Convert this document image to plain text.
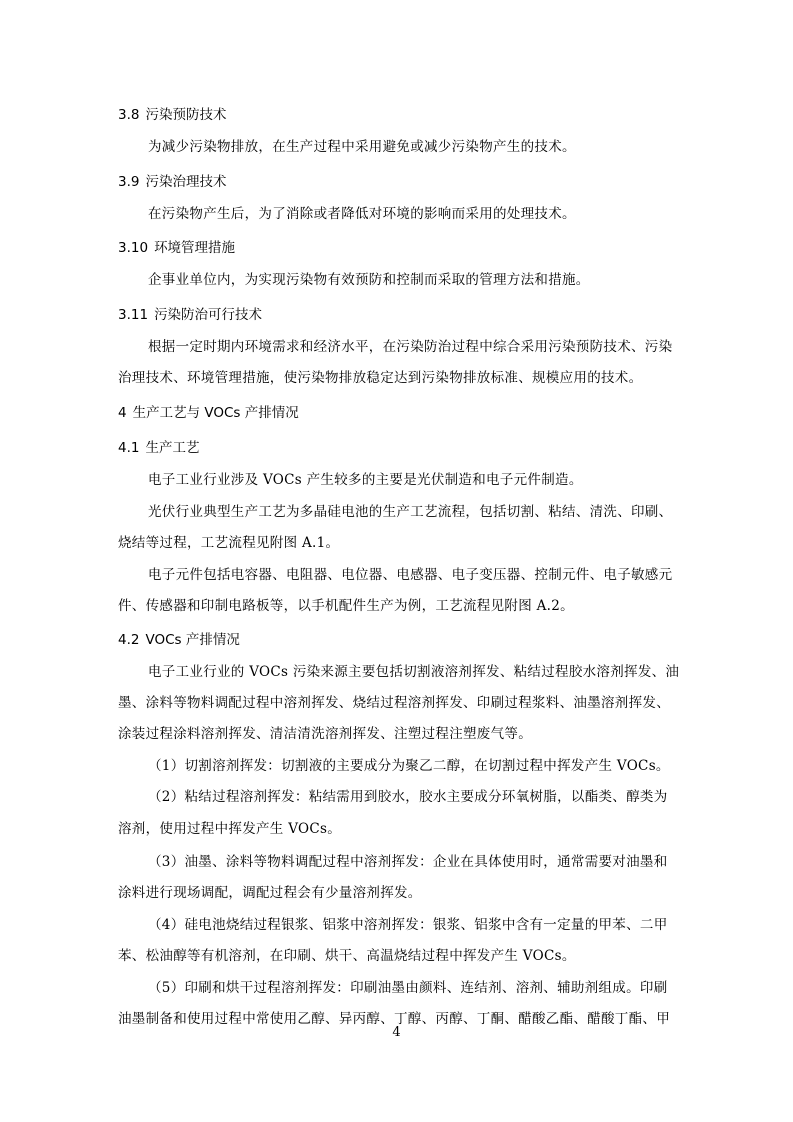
3.8 污染预防技术
为减少污染物排放，在生产过程中采用避免或减少污染物产生的技术。
3.9 污染治理技术
在污染物产生后，为了消除或者降低对环境的影响而采用的处理技术。
3.10 环境管理措施
企事业单位内，为实现污染物有效预防和控制而采取的管理方法和措施。
3.11 污染防治可行技术
根据一定时期内环境需求和经济水平，在污染防治过程中综合采用污染预防技术、污染
治理技术、环境管理措施，使污染物排放稳定达到污染物排放标准、规模应用的技术。
4 生产工艺与 VOCs 产排情况
4.1 生产工艺
电子工业行业涉及 VOCs 产生较多的主要是光伏制造和电子元件制造。
光伏行业典型生产工艺为多晶硅电池的生产工艺流程，包括切割、粘结、清洗、印刷、
烧结等过程，工艺流程见附图 A.1。
电子元件包括电容器、电阻器、电位器、电感器、电子变压器、控制元件、电子敏感元
件、传感器和印制电路板等，以手机配件生产为例，工艺流程见附图 A.2。
4.2 VOCs 产排情况
电子工业行业的 VOCs 污染来源主要包括切割液溶剂挥发、粘结过程胶水溶剂挥发、油
墨、涂料等物料调配过程中溶剂挥发、烧结过程溶剂挥发、印刷过程浆料、油墨溶剂挥发、
涂装过程涂料溶剂挥发、清洁清洗溶剂挥发、注塑过程注塑废气等。
（1）切割溶剂挥发：切割液的主要成分为聚乙二醇，在切割过程中挥发产生 VOCs。
（2）粘结过程溶剂挥发：粘结需用到胶水，胶水主要成分环氧树脂，以酯类、醇类为
溶剂，使用过程中挥发产生 VOCs。
（3）油墨、涂料等物料调配过程中溶剂挥发：企业在具体使用时，通常需要对油墨和
涂料进行现场调配，调配过程会有少量溶剂挥发。
（4）硅电池烧结过程银浆、铝浆中溶剂挥发：银浆、铝浆中含有一定量的甲苯、二甲
苯、松油醇等有机溶剂，在印刷、烘干、高温烧结过程中挥发产生 VOCs。
（5）印刷和烘干过程溶剂挥发：印刷油墨由颜料、连结剂、溶剂、辅助剂组成。印刷
油墨制备和使用过程中常使用乙醇、异丙醇、丁醇、丙醇、丁酮、醋酸乙酯、醋酸丁酯、甲
4
